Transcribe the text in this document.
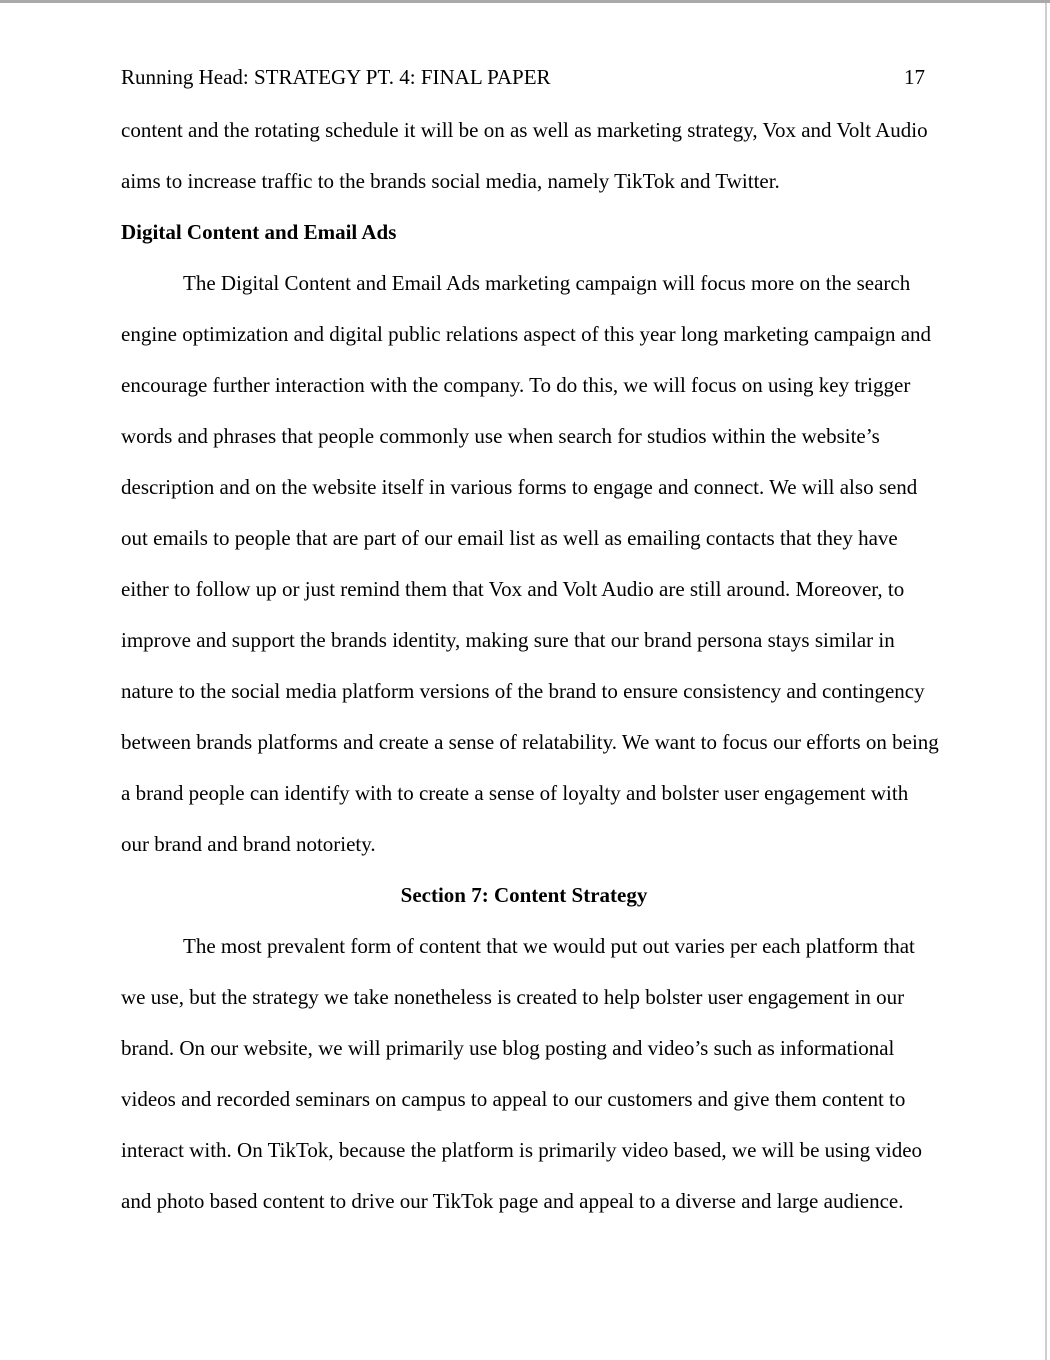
Running Head: STRATEGY PT. 4: FINAL PAPER	17
content and the rotating schedule it will be on as well as marketing strategy, Vox and Volt Audio
aims to increase traffic to the brands social media, namely TikTok and Twitter.
Digital Content and Email Ads
The Digital Content and Email Ads marketing campaign will focus more on the search
engine optimization and digital public relations aspect of this year long marketing campaign and
encourage further interaction with the company. To do this, we will focus on using key trigger
words and phrases that people commonly use when search for studios within the website’s
description and on the website itself in various forms to engage and connect. We will also send
out emails to people that are part of our email list as well as emailing contacts that they have
either to follow up or just remind them that Vox and Volt Audio are still around. Moreover, to
improve and support the brands identity, making sure that our brand persona stays similar in
nature to the social media platform versions of the brand to ensure consistency and contingency
between brands platforms and create a sense of relatability. We want to focus our efforts on being
a brand people can identify with to create a sense of loyalty and bolster user engagement with
our brand and brand notoriety.
Section 7: Content Strategy
The most prevalent form of content that we would put out varies per each platform that
we use, but the strategy we take nonetheless is created to help bolster user engagement in our
brand. On our website, we will primarily use blog posting and video’s such as informational
videos and recorded seminars on campus to appeal to our customers and give them content to
interact with. On TikTok, because the platform is primarily video based, we will be using video
and photo based content to drive our TikTok page and appeal to a diverse and large audience.
